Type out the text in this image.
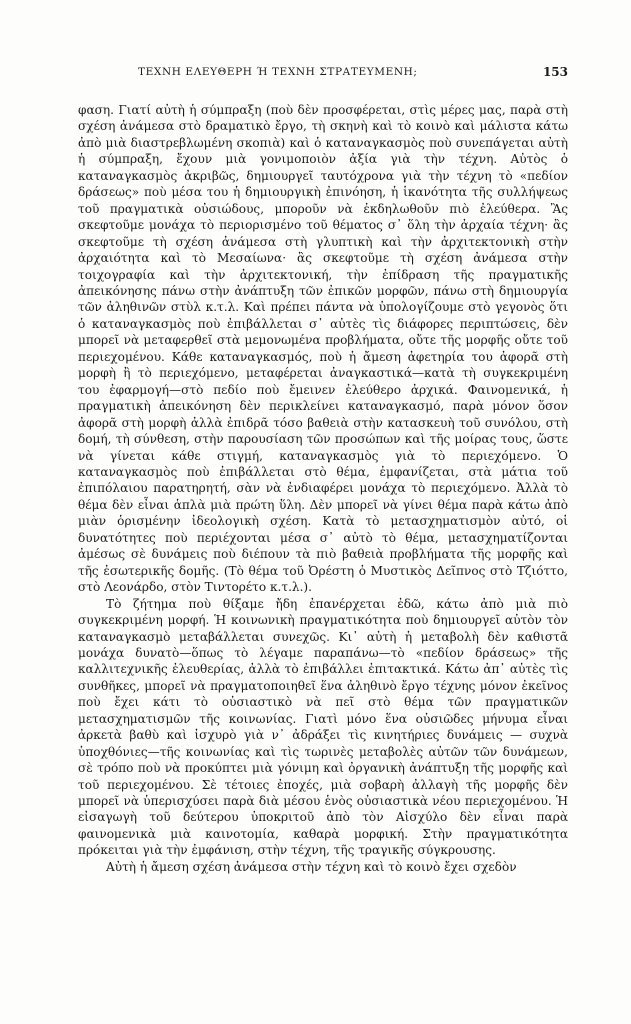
ΤΕΧΝΗ ΕΛΕΥΘΕΡΗ Ή ΤΕΧΝΗ ΣΤΡΑΤΕΥΜΕΝΗ;	153

φαση. Γιατί αὐτὴ ἡ σύμπραξη (ποὺ δὲν προσφέρεται, στὶς μέρες μας, παρὰ στὴ σχέση ἀνάμεσα στὸ δραματικὸ ἔργο, τὴ σκηνὴ καὶ τὸ κοινὸ καὶ μάλιστα κάτω ἀπὸ μιὰ διαστρεβλωμένη σκοπιὰ) καὶ ὁ καταναγκασμὸς ποὺ συνεπάγεται αὐτὴ ἡ σύμπραξη, ἔχουν μιὰ γονιμοποιὸν ἀξία γιὰ τὴν τέχνη. Αὐτὸς ὁ καταναγκασμὸς ἀκριβῶς, δημιουργεῖ ταυτόχρονα γιὰ τὴν τέχνη τὸ «πεδίον δράσεως» ποὺ μέσα του ἡ δημιουργικὴ ἐπινόηση, ἡ ἱκανότητα τῆς συλλήψεως τοῦ πραγματικὰ οὐσιώδους, μποροῦν νὰ ἐκδηλωθοῦν πιὸ ἐλεύθερα. Ἂς σκεφτοῦμε μονάχα τὸ περιορισμένο τοῦ θέματος σ᾿ ὅλη τὴν ἀρχαία τέχνη· ἂς σκεφτοῦμε τὴ σχέση ἀνάμεσα στὴ γλυπτικὴ καὶ τὴν ἀρχιτεκτονικὴ στὴν ἀρχαιότητα καὶ τὸ Μεσαίωνα· ἂς σκεφτοῦμε τὴ σχέση ἀνάμεσα στὴν τοιχογραφία καὶ τὴν ἀρχιτεκτονική, τὴν ἐπίδραση τῆς πραγματικῆς ἀπεικόνησης πάνω στὴν ἀνάπτυξη τῶν ἐπικῶν μορφῶν, πάνω στὴ δημιουργία τῶν ἀληθινῶν στὺλ κ.τ.λ. Καὶ πρέπει πάντα νὰ ὑπολογίζουμε στὸ γεγονὸς ὅτι ὁ καταναγκασμὸς ποὺ ἐπιβάλλεται σ᾿ αὐτὲς τὶς διάφορες περιπτώσεις, δὲν μπορεῖ νὰ μεταφερθεῖ στὰ μεμονωμένα προβλήματα, οὔτε τῆς μορφῆς οὔτε τοῦ περιεχομένου. Κάθε καταναγκασμός, ποὺ ἡ ἄμεση ἀφετηρία του ἀφορᾶ στὴ μορφὴ ἢ τὸ περιεχόμενο, μεταφέρεται ἀναγκαστικά—κατὰ τὴ συγκεκριμένη του ἐφαρμογή—στὸ πεδίο ποὺ ἔμεινεν ἐλεύθερο ἀρχικά. Φαινομενικά, ἡ πραγματικὴ ἀπεικόνηση δὲν περικλείνει καταναγκασμό, παρὰ μόνον ὅσον ἀφορᾶ στὴ μορφὴ ἀλλὰ ἐπιδρᾶ τόσο βαθειὰ στὴν κατασκευὴ τοῦ συνόλου, στὴ δομή, τὴ σύνθεση, στὴν παρουσίαση τῶν προσώπων καὶ τῆς μοίρας τους, ὥστε νὰ γίνεται κάθε στιγμή, καταναγκασμὸς γιὰ τὸ περιεχόμενο. Ὁ καταναγκασμὸς ποὺ ἐπιβάλλεται στὸ θέμα, ἐμφανίζεται, στὰ μάτια τοῦ ἐπιπόλαιου παρατηρητή, σὰν νὰ ἐνδιαφέρει μονάχα τὸ περιεχόμενο. Ἀλλὰ τὸ θέμα δὲν εἶναι ἁπλὰ μιὰ πρώτη ὕλη. Δὲν μπορεῖ νὰ γίνει θέμα παρὰ κάτω ἀπὸ μιὰν ὁρισμένην ἰδεολογικὴ σχέση. Κατὰ τὸ μετασχηματισμὸν αὐτό, οἱ δυνατότητες ποὺ περιέχονται μέσα σ᾿ αὐτὸ τὸ θέμα, μετασχηματίζονται ἀμέσως σὲ δυνάμεις ποὺ διέπουν τὰ πιὸ βαθειὰ προβλήματα τῆς μορφῆς καὶ τῆς ἐσωτερικῆς δομῆς. (Τὸ θέμα τοῦ Ὀρέστη ὁ Μυστικὸς Δεῖπνος στὸ Τζιόττο, στὸ Λεονάρδο, στὸν Τιντορέτο κ.τ.λ.).

Τὸ ζήτημα ποὺ θίξαμε ἤδη ἐπανέρχεται ἐδῶ, κάτω ἀπὸ μιὰ πιὸ συγκεκριμένη μορφή. Ἡ κοινωνικὴ πραγματικότητα ποὺ δημιουργεῖ αὐτὸν τὸν καταναγκασμὸ μεταβάλλεται συνεχῶς. Κι᾿ αὐτὴ ἡ μεταβολὴ δὲν καθιστᾶ μονάχα δυνατὸ—ὅπως τὸ λέγαμε παραπάνω—τὸ «πεδίον δράσεως» τῆς καλλιτεχνικῆς ἐλευθερίας, ἀλλὰ τὸ ἐπιβάλλει ἐπιτακτικά. Κάτω ἀπ᾿ αὐτὲς τὶς συνθῆκες, μπορεῖ νὰ πραγματοποιηθεῖ ἕνα ἀληθινὸ ἔργο τέχνης μόνον ἐκεῖνος ποὺ ἔχει κάτι τὸ οὐσιαστικὸ νὰ πεῖ στὸ θέμα τῶν πραγματικῶν μετασχηματισμῶν τῆς κοινωνίας. Γιατὶ μόνο ἕνα οὐσιῶδες μήνυμα εἶναι ἀρκετὰ βαθὺ καὶ ἰσχυρὸ γιὰ ν᾿ ἀδράξει τὶς κινητήριες δυνάμεις — συχνὰ ὑποχθόνιες—τῆς κοινωνίας καὶ τὶς τωρινὲς μεταβολὲς αὐτῶν τῶν δυνάμεων, σὲ τρόπο ποὺ νὰ προκύπτει μιὰ γόνιμη καὶ ὀργανικὴ ἀνάπτυξη τῆς μορφῆς καὶ τοῦ περιεχομένου. Σὲ τέτοιες ἐποχές, μιὰ σοβαρὴ ἀλλαγὴ τῆς μορφῆς δὲν μπορεῖ νὰ ὑπερισχύσει παρὰ διὰ μέσου ἑνὸς οὐσιαστικὰ νέου περιεχομένου. Ἡ εἰσαγωγὴ τοῦ δεύτερου ὑποκριτοῦ ἀπὸ τὸν Αἰσχύλο δὲν εἶναι παρὰ φαινομενικὰ μιὰ καινοτομία, καθαρὰ μορφική. Στὴν πραγματικότητα πρόκειται γιὰ τὴν ἐμφάνιση, στὴν τέχνη, τῆς τραγικῆς σύγκρουσης.

Αὐτὴ ἡ ἄμεση σχέση ἀνάμεσα στὴν τέχνη καὶ τὸ κοινὸ ἔχει σχεδὸν
